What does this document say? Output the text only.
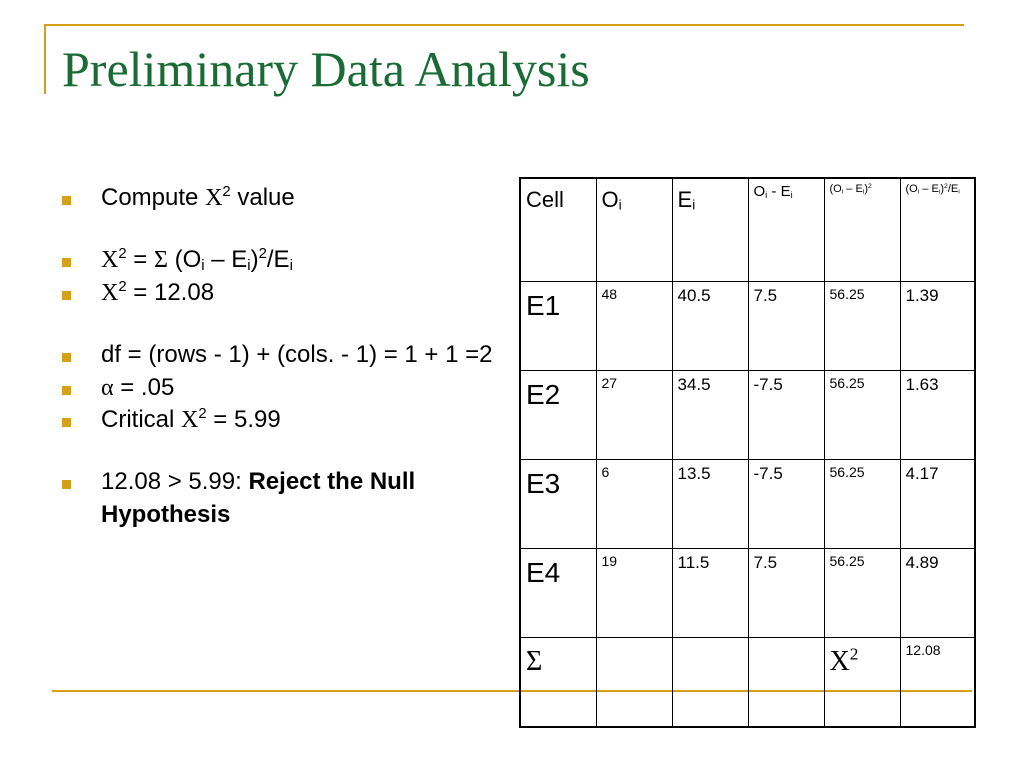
Preliminary Data Analysis
Compute $X^2$ value
$X^2 = \Sigma$ $(O_i - E_i)^2/E_i$
$X^2 = 12.08$
df = (rows - 1) + (cols. - 1) = 1 + 1 =2
α = .05
Critical $X^2 = 5.99$
12.08 > 5.99: Reject the Null Hypothesis
Cell	$O_i$	$E_i$	$O_i - E_i$	$(O_i - E_i)^2$	$(O_i - E_i)^2/E_i$
E1	48	40.5	7.5	56.25	1.39
E2	27	34.5	-7.5	56.25	1.63
E3	6	13.5	-7.5	56.25	4.17
E4	19	11.5	7.5	56.25	4.89
Σ				$X^2$	12.08
